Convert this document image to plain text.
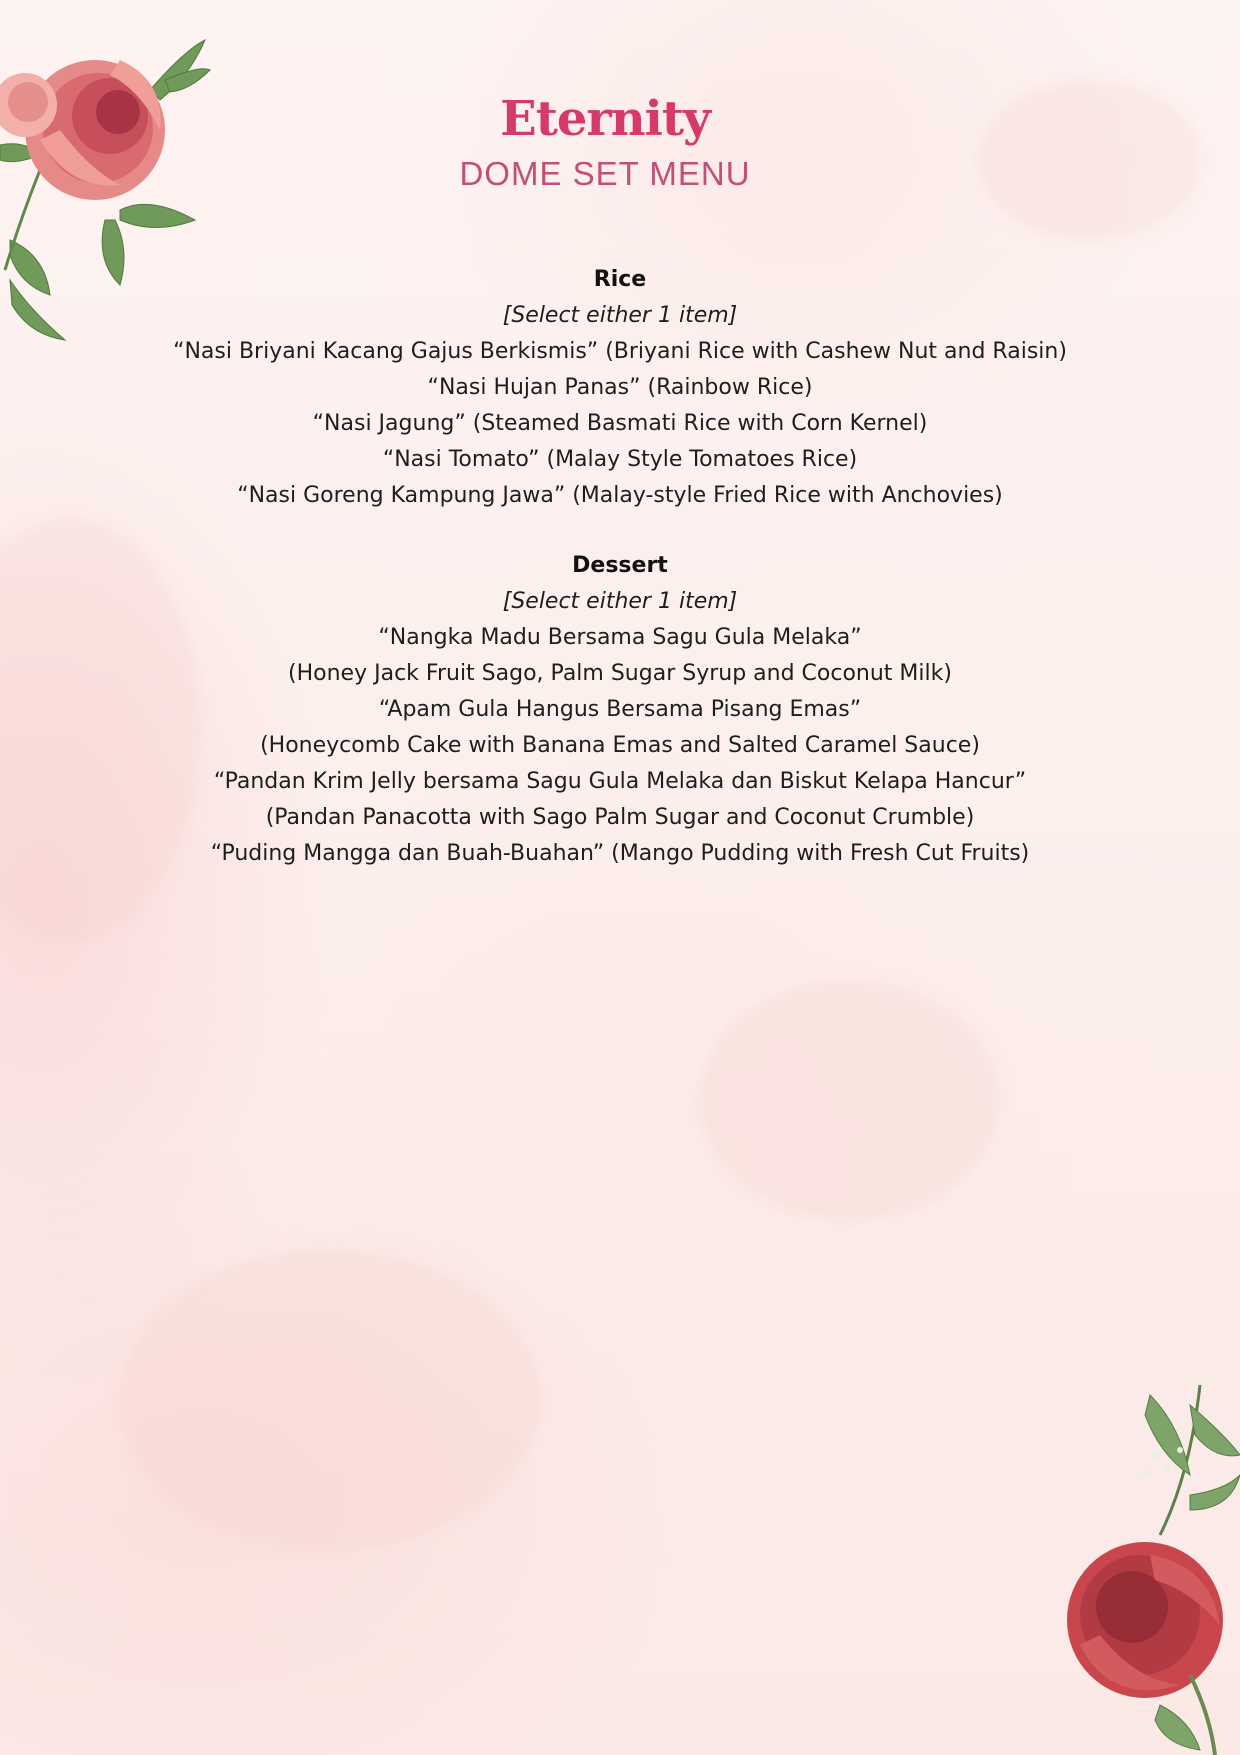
Eternity
DOME SET MENU
Rice
[Select either 1 item]
“Nasi Briyani Kacang Gajus Berkismis” (Briyani Rice with Cashew Nut and Raisin)
“Nasi Hujan Panas” (Rainbow Rice)
“Nasi Jagung” (Steamed Basmati Rice with Corn Kernel)
“Nasi Tomato” (Malay Style Tomatoes Rice)
“Nasi Goreng Kampung Jawa” (Malay-style Fried Rice with Anchovies)
Dessert
[Select either 1 item]
“Nangka Madu Bersama Sagu Gula Melaka”
(Honey Jack Fruit Sago, Palm Sugar Syrup and Coconut Milk)
“Apam Gula Hangus Bersama Pisang Emas”
(Honeycomb Cake with Banana Emas and Salted Caramel Sauce)
“Pandan Krim Jelly bersama Sagu Gula Melaka dan Biskut Kelapa Hancur”
(Pandan Panacotta with Sago Palm Sugar and Coconut Crumble)
“Puding Mangga dan Buah-Buahan” (Mango Pudding with Fresh Cut Fruits)
